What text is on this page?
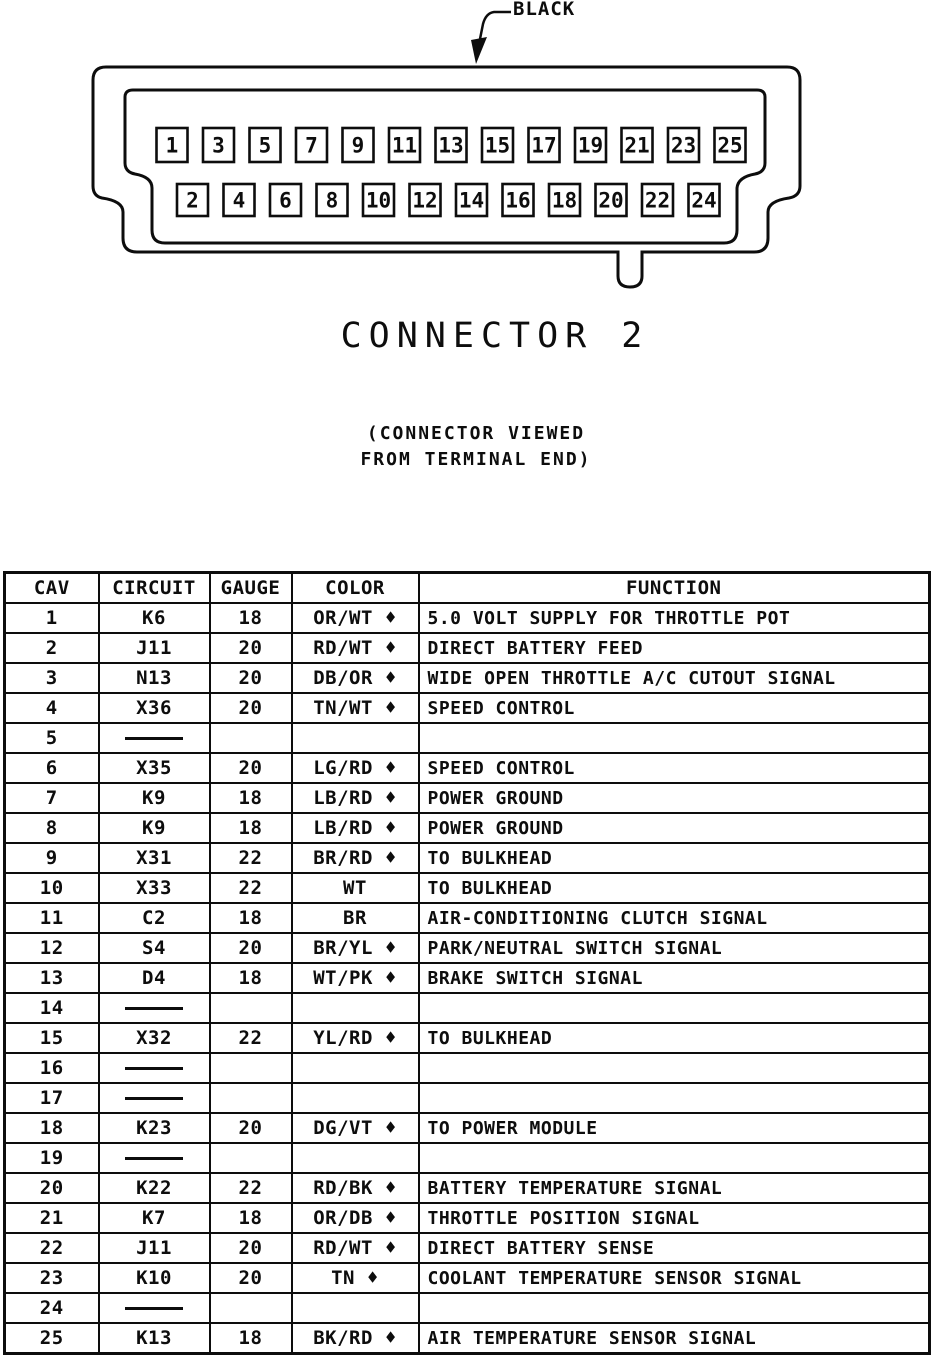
1 3 5 7 9 11 13 15 17 19 21 23 25
2 4 6 8 10 12 14 16 18 20 22 24
BLACK
CONNECTOR 2
(CONNECTOR VIEWED
FROM TERMINAL END)
CAV	CIRCUIT	GAUGE	COLOR	FUNCTION
1	K6	18	OR/WT ♦	5.0 VOLT SUPPLY FOR THROTTLE POT
2	J11	20	RD/WT ♦	DIRECT BATTERY FEED
3	N13	20	DB/OR ♦	WIDE OPEN THROTTLE A/C CUTOUT SIGNAL
4	X36	20	TN/WT ♦	SPEED CONTROL
5				
6	X35	20	LG/RD ♦	SPEED CONTROL
7	K9	18	LB/RD ♦	POWER GROUND
8	K9	18	LB/RD ♦	POWER GROUND
9	X31	22	BR/RD ♦	TO BULKHEAD
10	X33	22	WT	TO BULKHEAD
11	C2	18	BR	AIR-CONDITIONING CLUTCH SIGNAL
12	S4	20	BR/YL ♦	PARK/NEUTRAL SWITCH SIGNAL
13	D4	18	WT/PK ♦	BRAKE SWITCH SIGNAL
14				
15	X32	22	YL/RD ♦	TO BULKHEAD
16				
17				
18	K23	20	DG/VT ♦	TO POWER MODULE
19				
20	K22	22	RD/BK ♦	BATTERY TEMPERATURE SIGNAL
21	K7	18	OR/DB ♦	THROTTLE POSITION SIGNAL
22	J11	20	RD/WT ♦	DIRECT BATTERY SENSE
23	K10	20	TN ♦	COOLANT TEMPERATURE SENSOR SIGNAL
24				
25	K13	18	BK/RD ♦	AIR TEMPERATURE SENSOR SIGNAL
